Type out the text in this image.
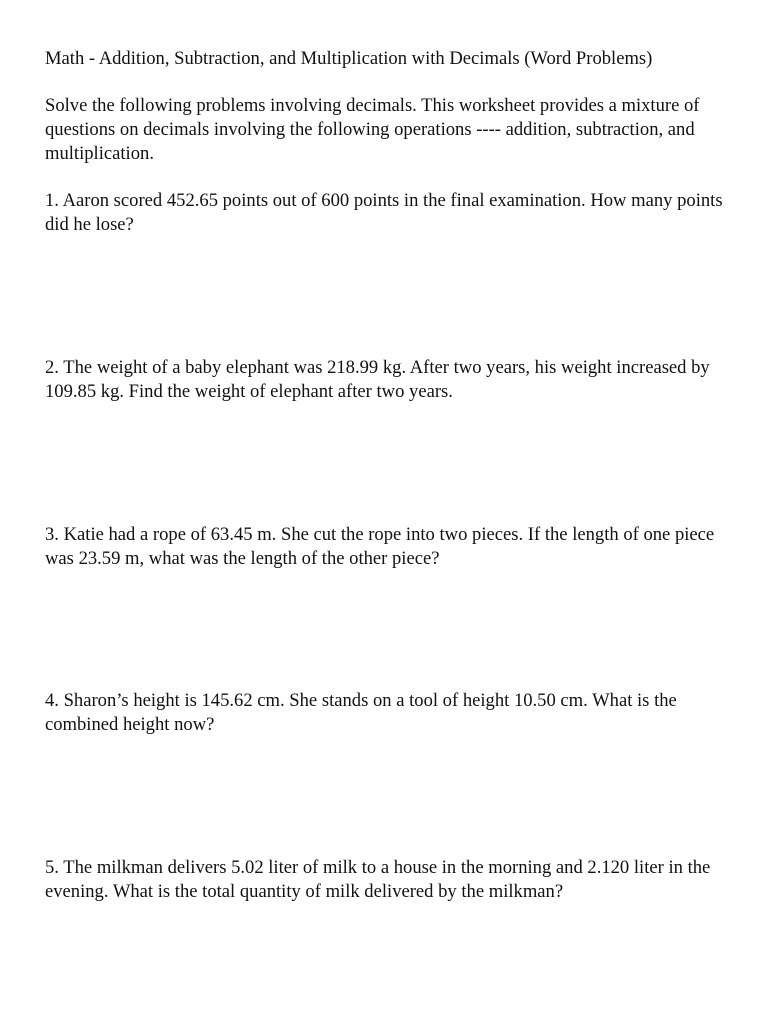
Math - Addition, Subtraction, and Multiplication with Decimals (Word Problems)

Solve the following problems involving decimals. This worksheet provides a mixture of questions on decimals involving the following operations ---- addition, subtraction, and multiplication.

1. Aaron scored 452.65 points out of 600 points in the final examination. How many points did he lose?

2. The weight of a baby elephant was 218.99 kg. After two years, his weight increased by 109.85 kg. Find the weight of elephant after two years.

3. Katie had a rope of 63.45 m. She cut the rope into two pieces. If the length of one piece was 23.59 m, what was the length of the other piece?

4. Sharon’s height is 145.62 cm. She stands on a tool of height 10.50 cm. What is the combined height now?

5. The milkman delivers 5.02 liter of milk to a house in the morning and 2.120 liter in the evening. What is the total quantity of milk delivered by the milkman?
